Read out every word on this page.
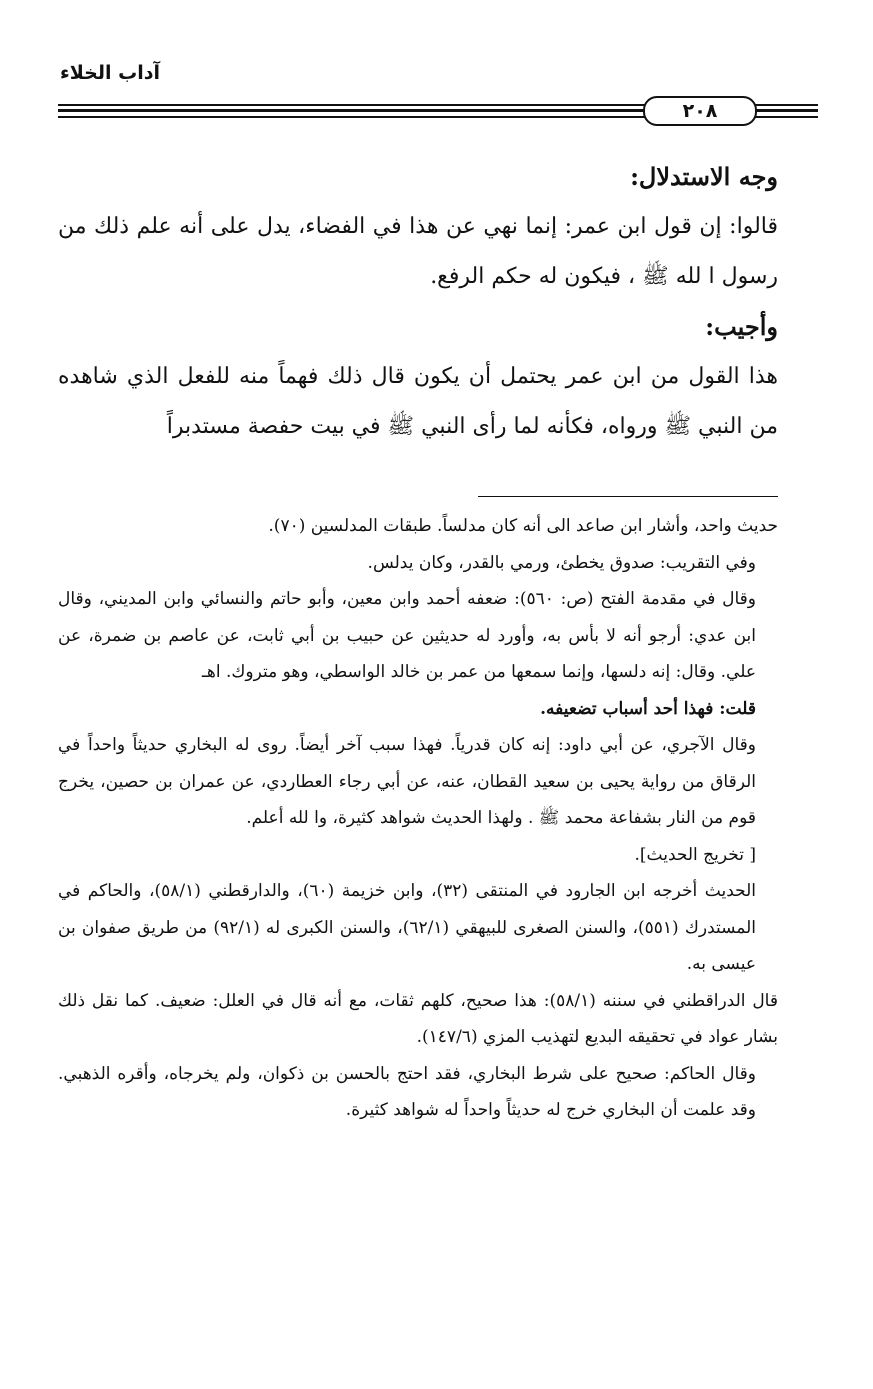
آداب الخلاء
٢٠٨

وجه الاستدلال:

قالوا: إن قول ابن عمر: إنما نهي عن هذا في الفضاء، يدل على أنه علم ذلك من رسول ا لله ﷺ ، فيكون له حكم الرفع.

وأجيب:

هذا القول من ابن عمر يحتمل أن يكون قال ذلك فهماً منه للفعل الذي شاهده من النبي ﷺ ورواه، فكأنه لما رأى النبي ﷺ في بيت حفصة مستدبراً

حديث واحد، وأشار ابن صاعد الى أنه كان مدلساً. طبقات المدلسين (٧٠).

وفي التقريب: صدوق يخطئ، ورمي بالقدر، وكان يدلس.

وقال في مقدمة الفتح (ص: ٥٦٠): ضعفه أحمد وابن معين، وأبو حاتم والنسائي وابن المديني، وقال ابن عدي: أرجو أنه لا بأس به، وأورد له حديثين عن حبيب بن أبي ثابت، عن عاصم بن ضمرة، عن علي. وقال: إنه دلسها، وإنما سمعها من عمر بن خالد الواسطي، وهو متروك. اهـ

قلت: فهذا أحد أسباب تضعيفه.

وقال الآجري، عن أبي داود: إنه كان قدرياً. فهذا سبب آخر أيضاً. روى له البخاري حديثاً واحداً في الرقاق من رواية يحيى بن سعيد القطان، عنه، عن أبي رجاء العطاردي، عن عمران بن حصين، يخرج قوم من النار بشفاعة محمد ﷺ . ولهذا الحديث شواهد كثيرة، وا لله أعلم.

[ تخريج الحديث].

الحديث أخرجه ابن الجارود في المنتقى (٣٢)، وابن خزيمة (٦٠)، والدارقطني (٥٨/١)، والحاكم في المستدرك (٥٥١)، والسنن الصغرى للبيهقي (٦٢/١)، والسنن الكبرى له (٩٢/١) من طريق صفوان بن عيسى به.

قال الدراقطني في سننه (٥٨/١): هذا صحيح، كلهم ثقات، مع أنه قال في العلل: ضعيف. كما نقل ذلك بشار عواد في تحقيقه البديع لتهذيب المزي (١٤٧/٦).

وقال الحاكم: صحيح على شرط البخاري، فقد احتج بالحسن بن ذكوان، ولم يخرجاه، وأقره الذهبي. وقد علمت أن البخاري خرج له حديثاً واحداً له شواهد كثيرة.
